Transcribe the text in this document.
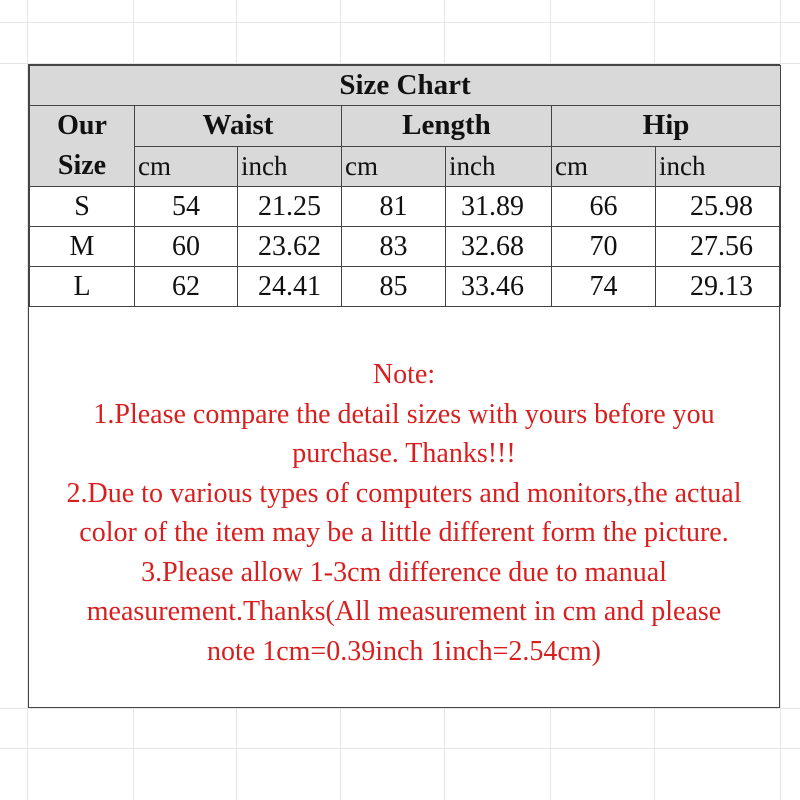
Size Chart						
Our
Size	Waist		Length		Hip	
	cm	inch	cm	inch	cm	inch
S	54	21.25	81	31.89	66	25.98
M	60	23.62	83	32.68	70	27.56
L	62	24.41	85	33.46	74	29.13
Note:
1.Please compare the detail sizes with yours before you
purchase. Thanks!!!
2.Due to various types of computers and monitors,the actual
color of the item may be a little different form the picture.
3.Please allow 1-3cm difference due to manual
measurement.Thanks(All measurement in cm and please
note 1cm=0.39inch 1inch=2.54cm)
